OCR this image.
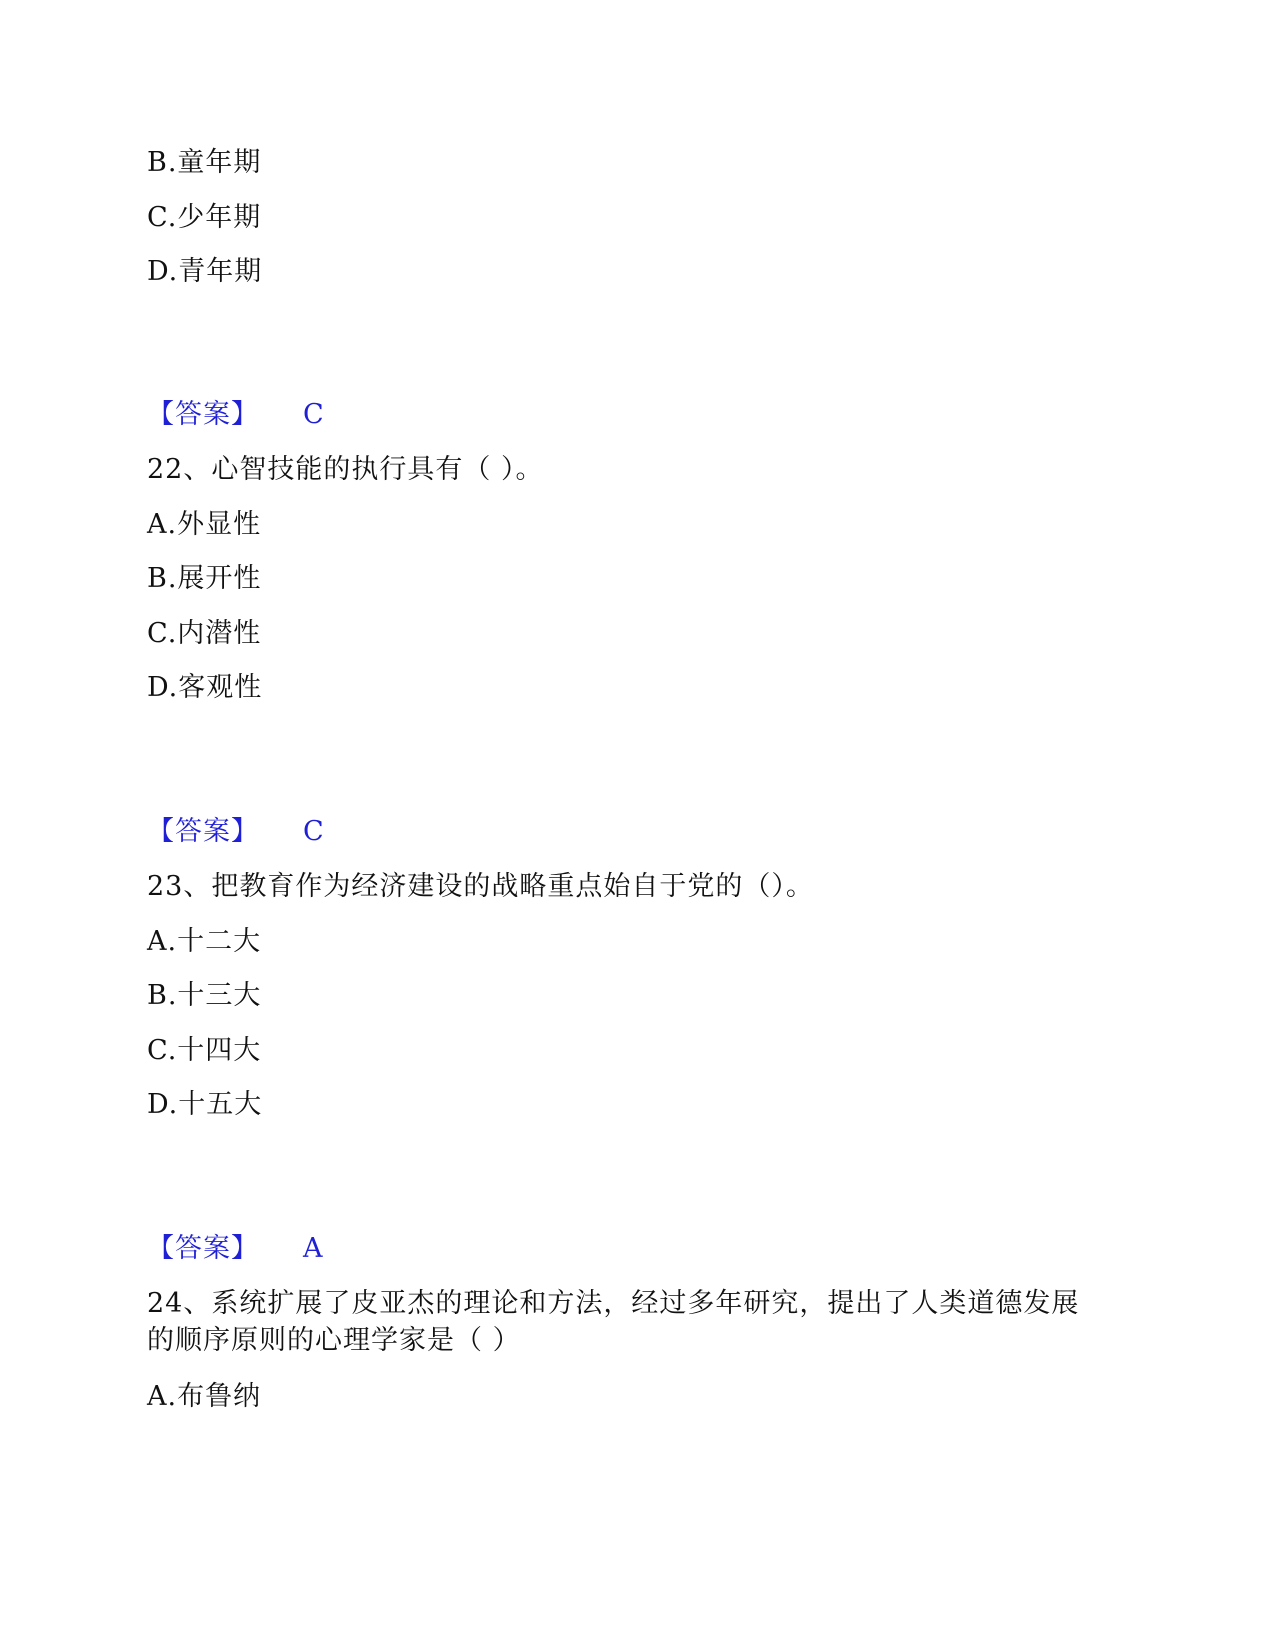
B.童年期
C.少年期
D.青年期
【答案】 C
22、心智技能的执行具有（ ）。
A.外显性
B.展开性
C.内潜性
D.客观性
【答案】 C
23、把教育作为经济建设的战略重点始自于党的（）。
A.十二大
B.十三大
C.十四大
D.十五大
【答案】 A
24、系统扩展了皮亚杰的理论和方法，经过多年研究，提出了人类道德发展
的顺序原则的心理学家是（ ）
A.布鲁纳
